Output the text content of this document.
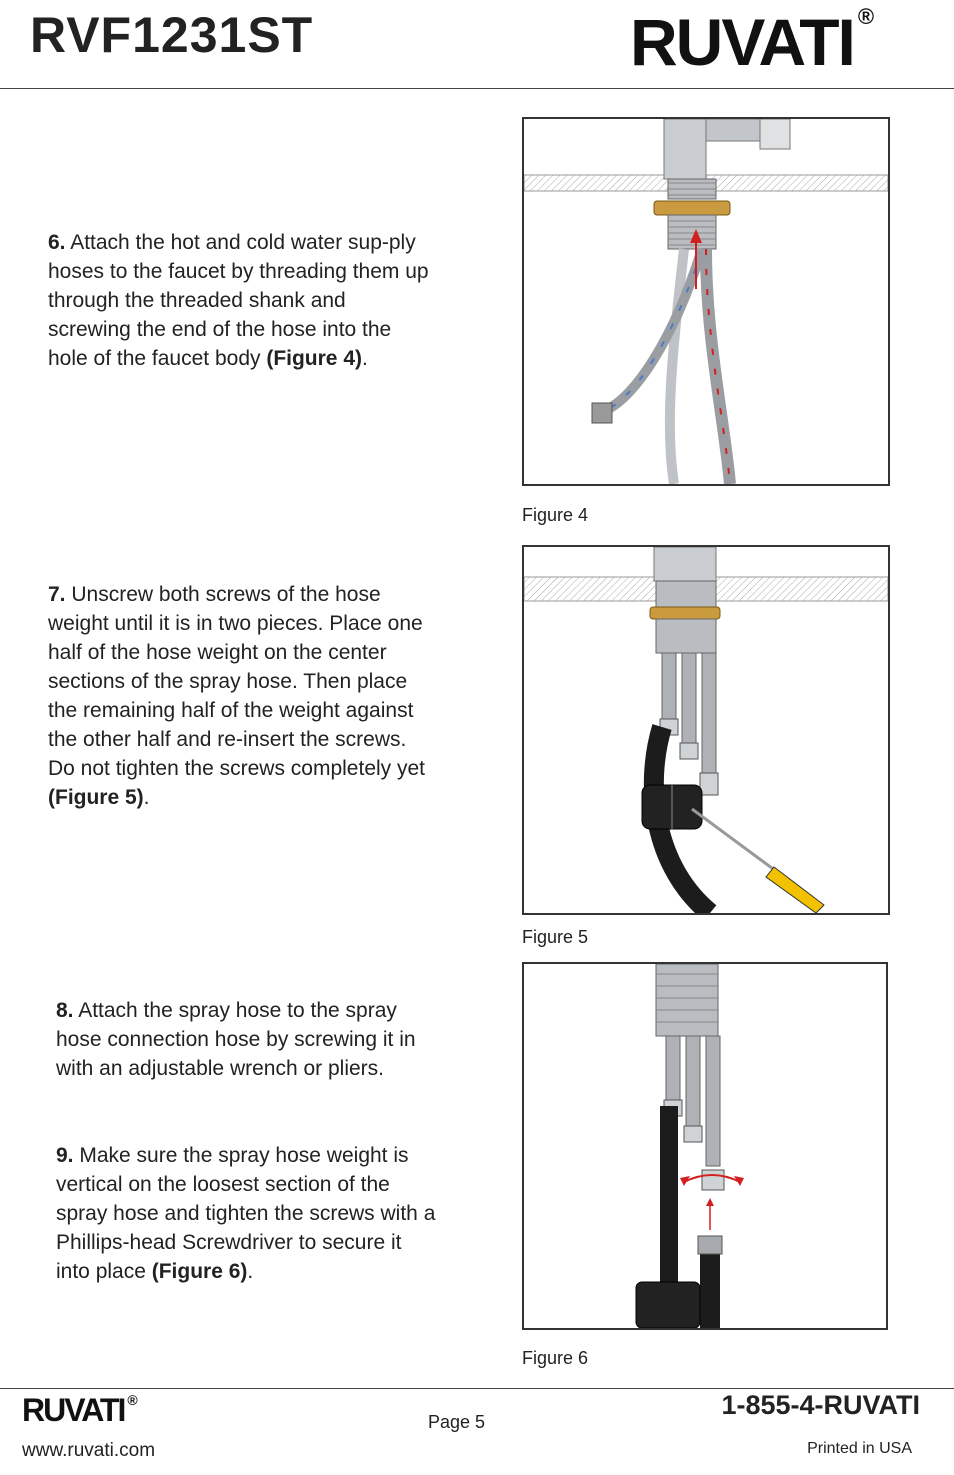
RVF1231ST	RUVATI ®
6. Attach the hot and cold water sup-ply hoses to the faucet by threading them up through the threaded shank and screwing the end of the hose into the hole of the faucet body (Figure 4).
Figure 4
7. Unscrew both screws of the hose weight until it is in two pieces. Place one half of the hose weight on the center sections of the spray hose. Then place the remaining half of the weight against the other half and re-insert the screws. Do not tighten the screws completely yet (Figure 5).
Figure 5
8. Attach the spray hose to the spray hose connection hose by screwing it in with an adjustable wrench or pliers.
9. Make sure the spray hose weight is vertical on the loosest section of the spray hose and tighten the screws with a Phillips-head Screwdriver to secure it into place (Figure 6).
Figure 6
RUVATI ®
Page 5
1-855-4-RUVATI
www.ruvati.com	Printed in USA
